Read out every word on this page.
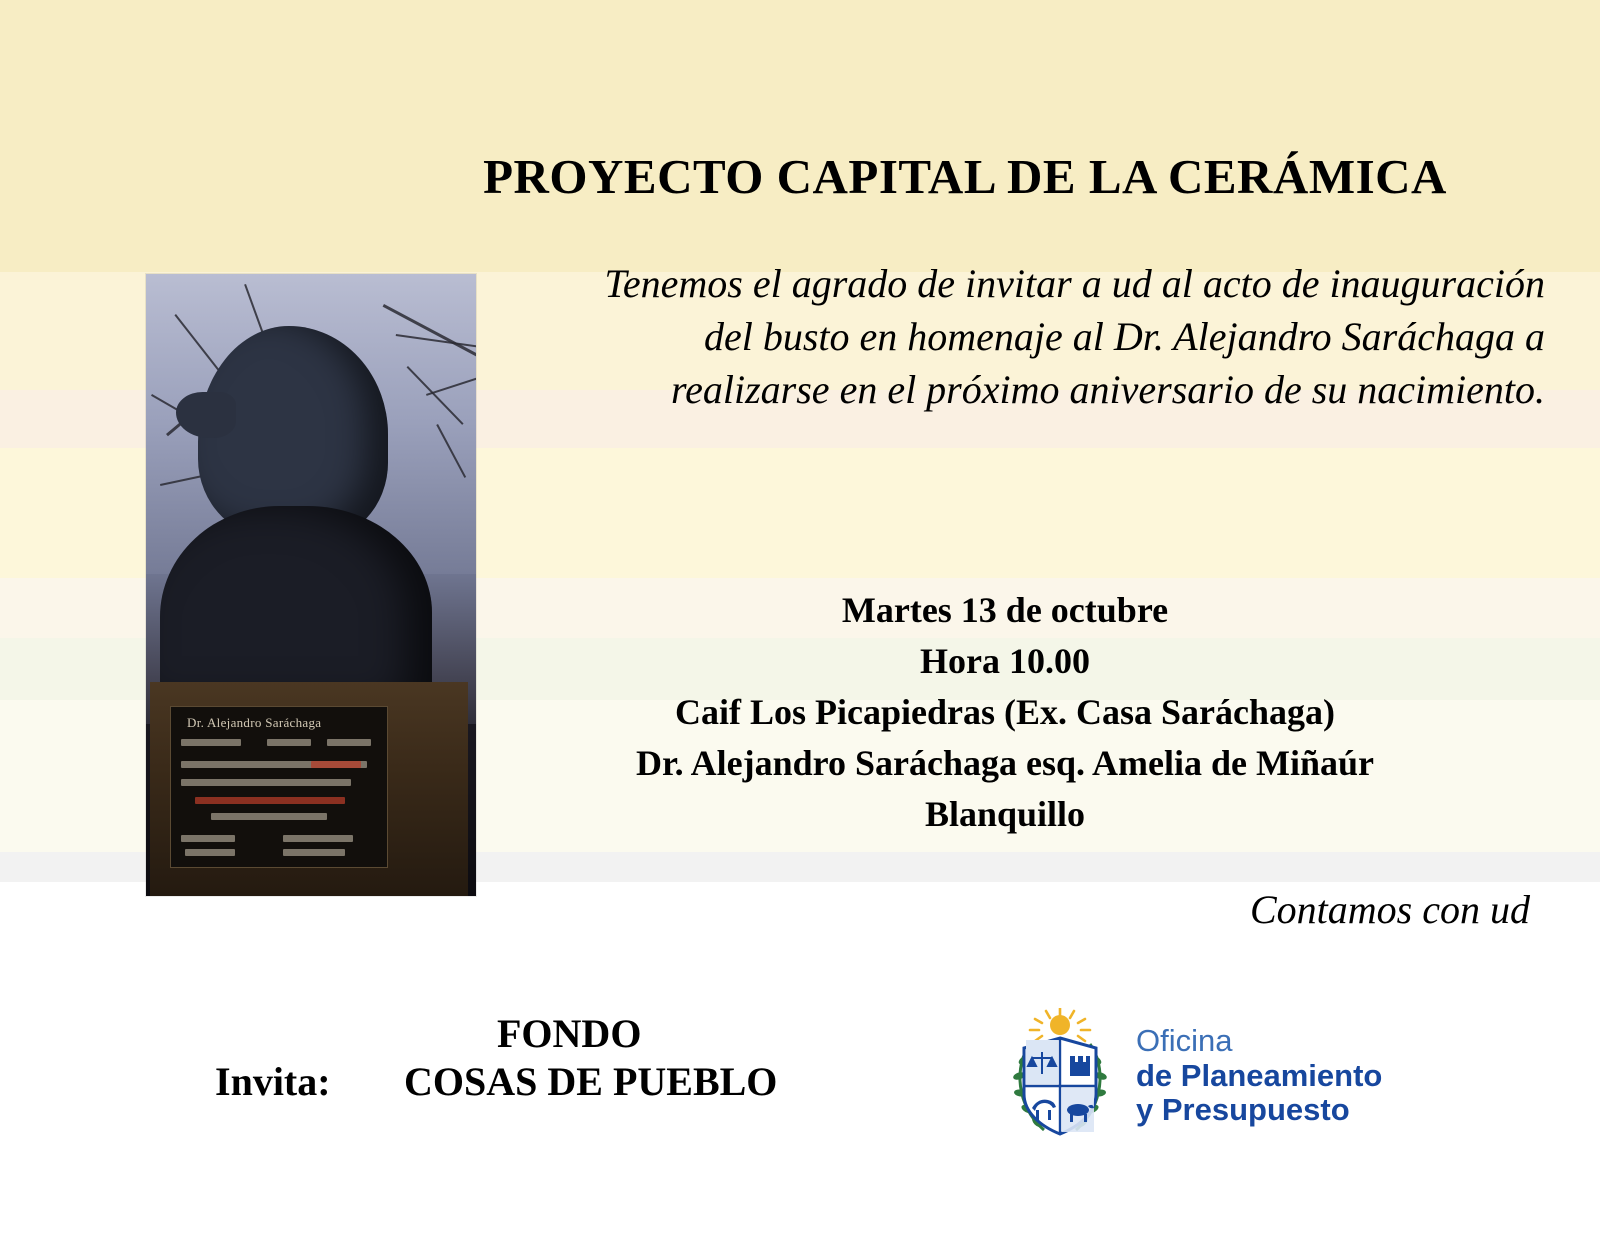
Dr. Alejandro Saráchaga
PROYECTO CAPITAL DE LA CERÁMICA
Tenemos el agrado de invitar a ud al acto de inauguración del busto en homenaje al Dr. Alejandro Saráchaga a realizarse en el próximo aniversario de su nacimiento.
Martes 13 de octubre
Hora 10.00
Caif Los Picapiedras (Ex. Casa Saráchaga)
Dr. Alejandro Saráchaga esq. Amelia de Miñaúr
Blanquillo
Contamos con ud
Invita:
FONDO
COSAS DE PUEBLO
Oficina
de Planeamiento
y Presupuesto
